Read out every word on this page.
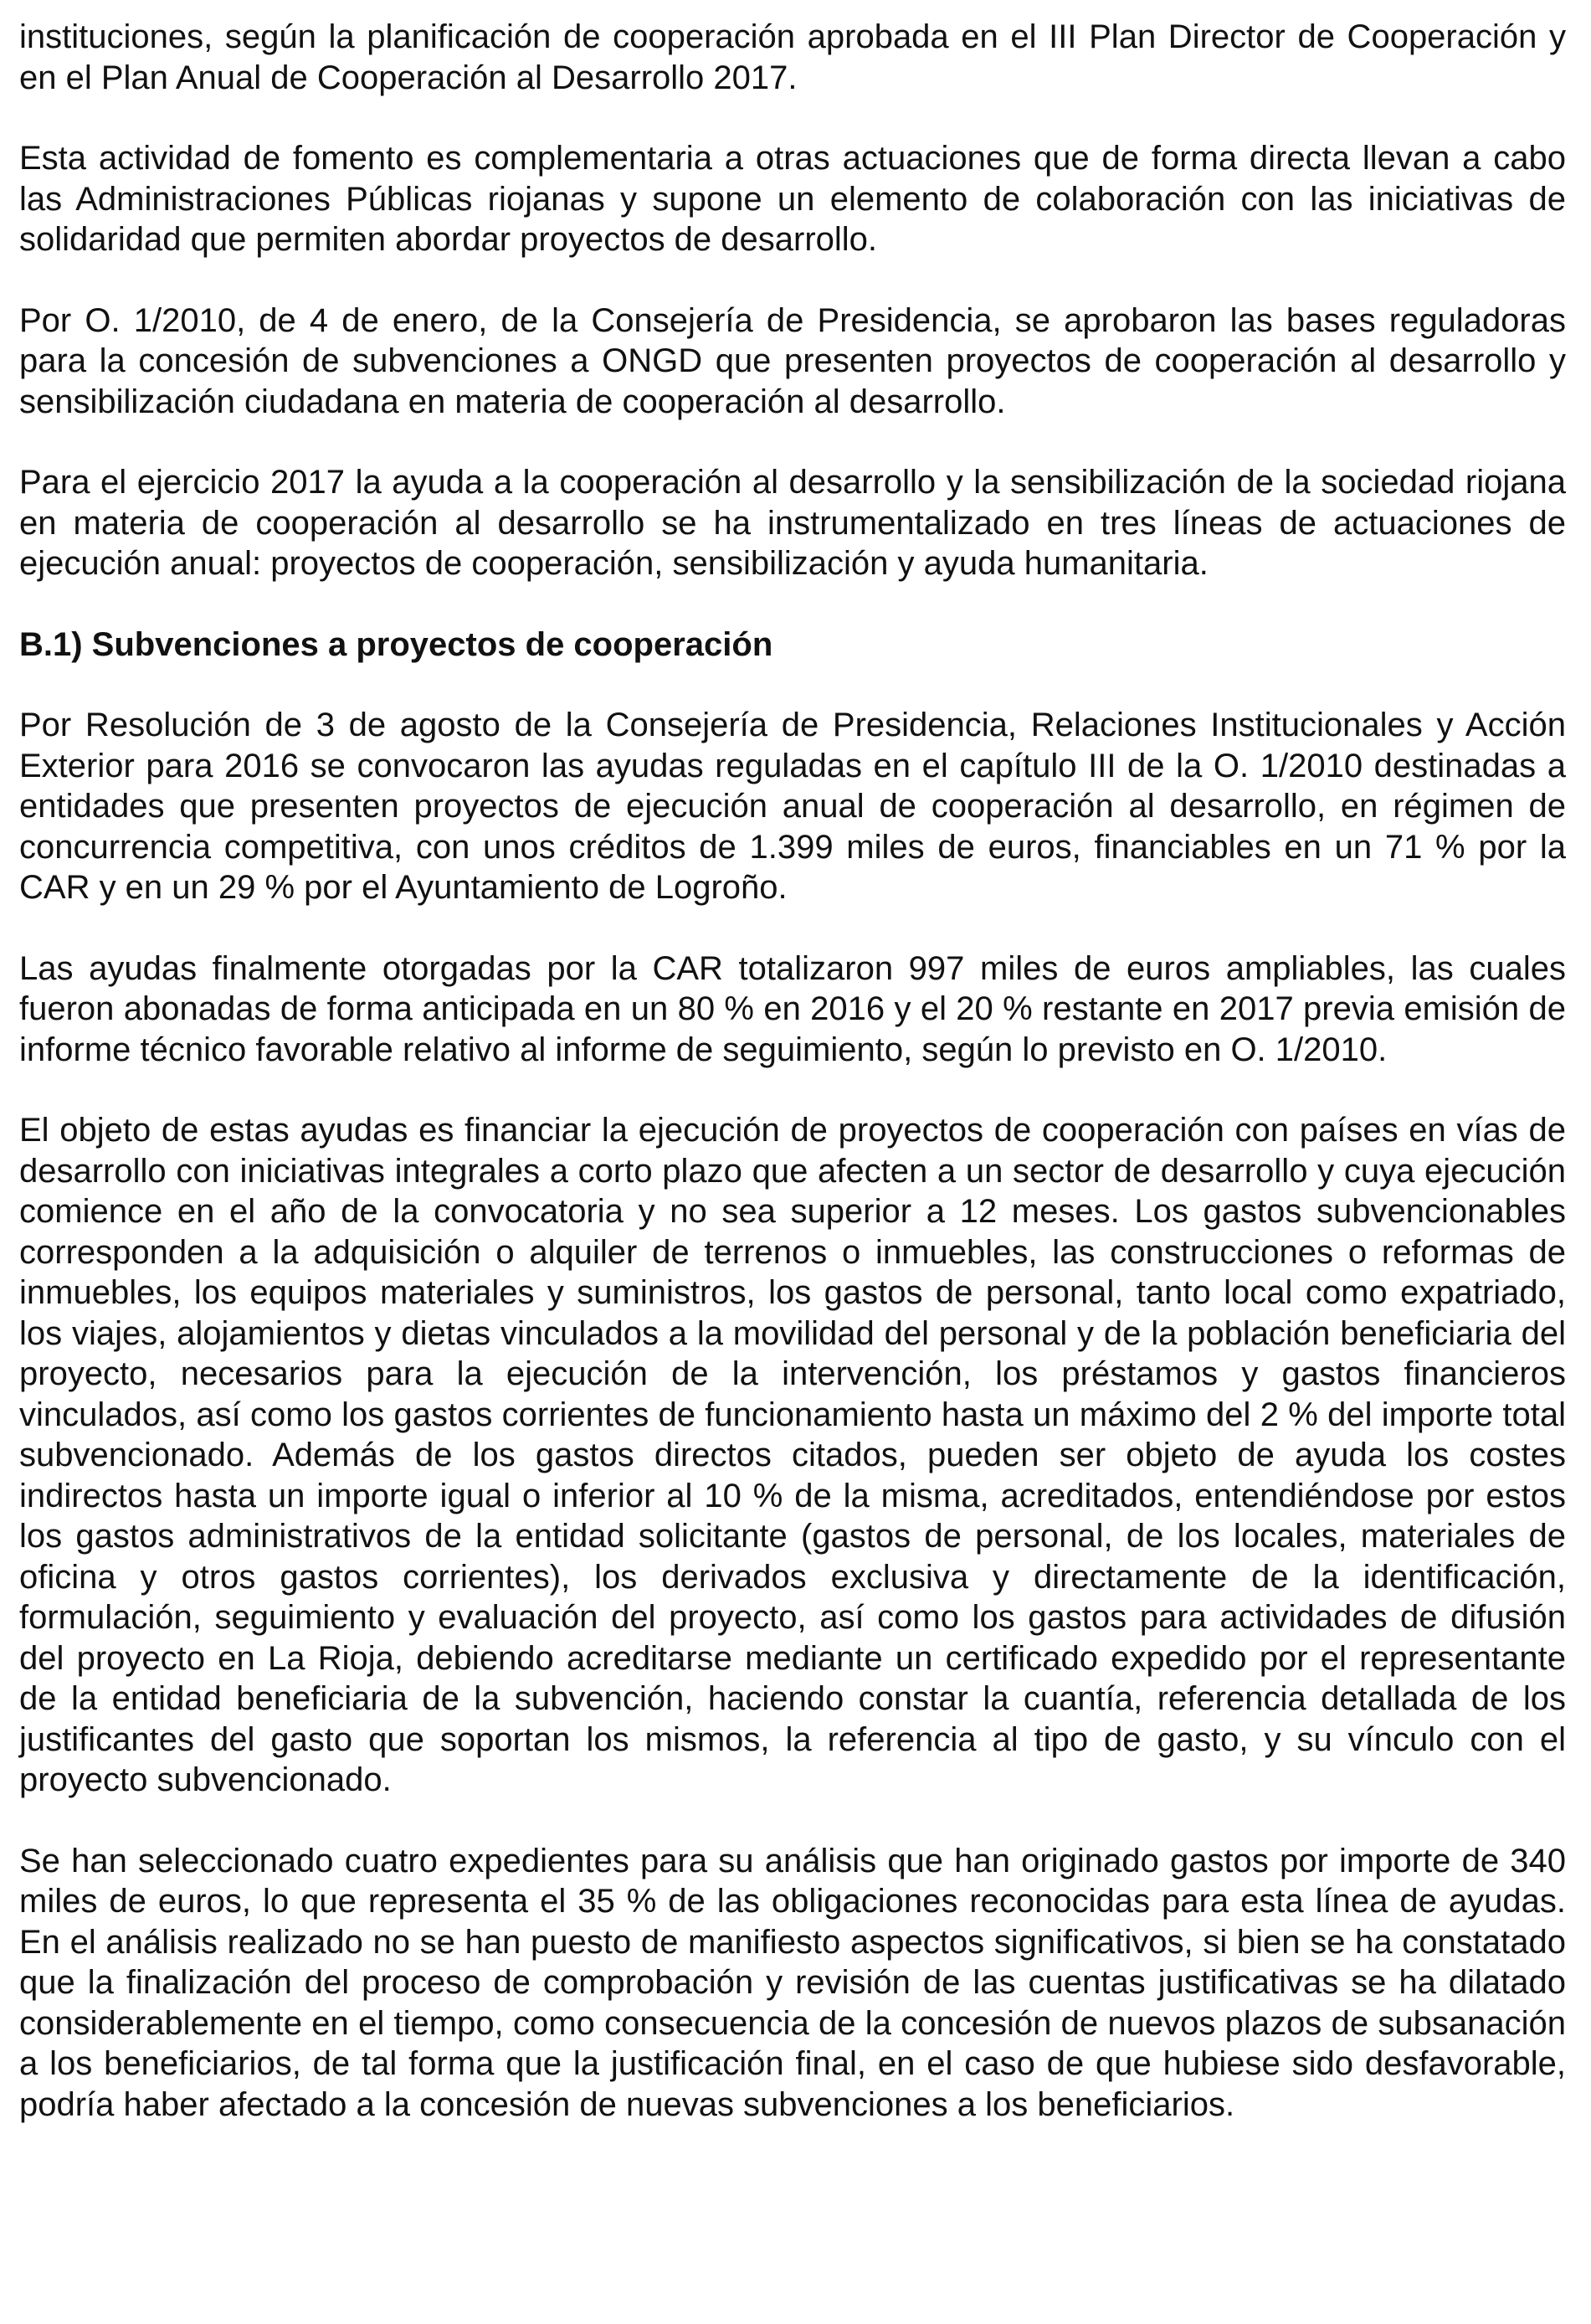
instituciones, según la planificación de cooperación aprobada en el III Plan Director de Cooperación y en el Plan Anual de Cooperación al Desarrollo 2017.

Esta actividad de fomento es complementaria a otras actuaciones que de forma directa llevan a cabo las Administraciones Públicas riojanas y supone un elemento de colaboración con las iniciativas de solidaridad que permiten abordar proyectos de desarrollo.

Por O. 1/2010, de 4 de enero, de la Consejería de Presidencia, se aprobaron las bases reguladoras para la concesión de subvenciones a ONGD que presenten proyectos de cooperación al desarrollo y sensibilización ciudadana en materia de cooperación al desarrollo.

Para el ejercicio 2017 la ayuda a la cooperación al desarrollo y la sensibilización de la sociedad riojana en materia de cooperación al desarrollo se ha instrumentalizado en tres líneas de actuaciones de ejecución anual: proyectos de cooperación, sensibilización y ayuda humanitaria.

B.1) Subvenciones a proyectos de cooperación

Por Resolución de 3 de agosto de la Consejería de Presidencia, Relaciones Institucionales y Acción Exterior para 2016 se convocaron las ayudas reguladas en el capítulo III de la O. 1/2010 destinadas a entidades que presenten proyectos de ejecución anual de cooperación al desarrollo, en régimen de concurrencia competitiva, con unos créditos de 1.399 miles de euros, financiables en un 71 % por la CAR y en un 29 % por el Ayuntamiento de Logroño.

Las ayudas finalmente otorgadas por la CAR totalizaron 997 miles de euros ampliables, las cuales fueron abonadas de forma anticipada en un 80 % en 2016 y el 20 % restante en 2017 previa emisión de informe técnico favorable relativo al informe de seguimiento, según lo previsto en O. 1/2010.

El objeto de estas ayudas es financiar la ejecución de proyectos de cooperación con países en vías de desarrollo con iniciativas integrales a corto plazo que afecten a un sector de desarrollo y cuya ejecución comience en el año de la convocatoria y no sea superior a 12 meses. Los gastos subvencionables corresponden a la adquisición o alquiler de terrenos o inmuebles, las construcciones o reformas de inmuebles, los equipos materiales y suministros, los gastos de personal, tanto local como expatriado, los viajes, alojamientos y dietas vinculados a la movilidad del personal y de la población beneficiaria del proyecto, necesarios para la ejecución de la intervención, los préstamos y gastos financieros vinculados, así como los gastos corrientes de funcionamiento hasta un máximo del 2 % del importe total subvencionado. Además de los gastos directos citados, pueden ser objeto de ayuda los costes indirectos hasta un importe igual o inferior al 10 % de la misma, acreditados, entendiéndose por estos los gastos administrativos de la entidad solicitante (gastos de personal, de los locales, materiales de oficina y otros gastos corrientes), los derivados exclusiva y directamente de la identificación, formulación, seguimiento y evaluación del proyecto, así como los gastos para actividades de difusión del proyecto en La Rioja, debiendo acreditarse mediante un certificado expedido por el representante de la entidad beneficiaria de la subvención, haciendo constar la cuantía, referencia detallada de los justificantes del gasto que soportan los mismos, la referencia al tipo de gasto, y su vínculo con el proyecto subvencionado.

Se han seleccionado cuatro expedientes para su análisis que han originado gastos por importe de 340 miles de euros, lo que representa el 35 % de las obligaciones reconocidas para esta línea de ayudas. En el análisis realizado no se han puesto de manifiesto aspectos significativos, si bien se ha constatado que la finalización del proceso de comprobación y revisión de las cuentas justificativas se ha dilatado considerablemente en el tiempo, como consecuencia de la concesión de nuevos plazos de subsanación a los beneficiarios, de tal forma que la justificación final, en el caso de que hubiese sido desfavorable, podría haber afectado a la concesión de nuevas subvenciones a los beneficiarios.
